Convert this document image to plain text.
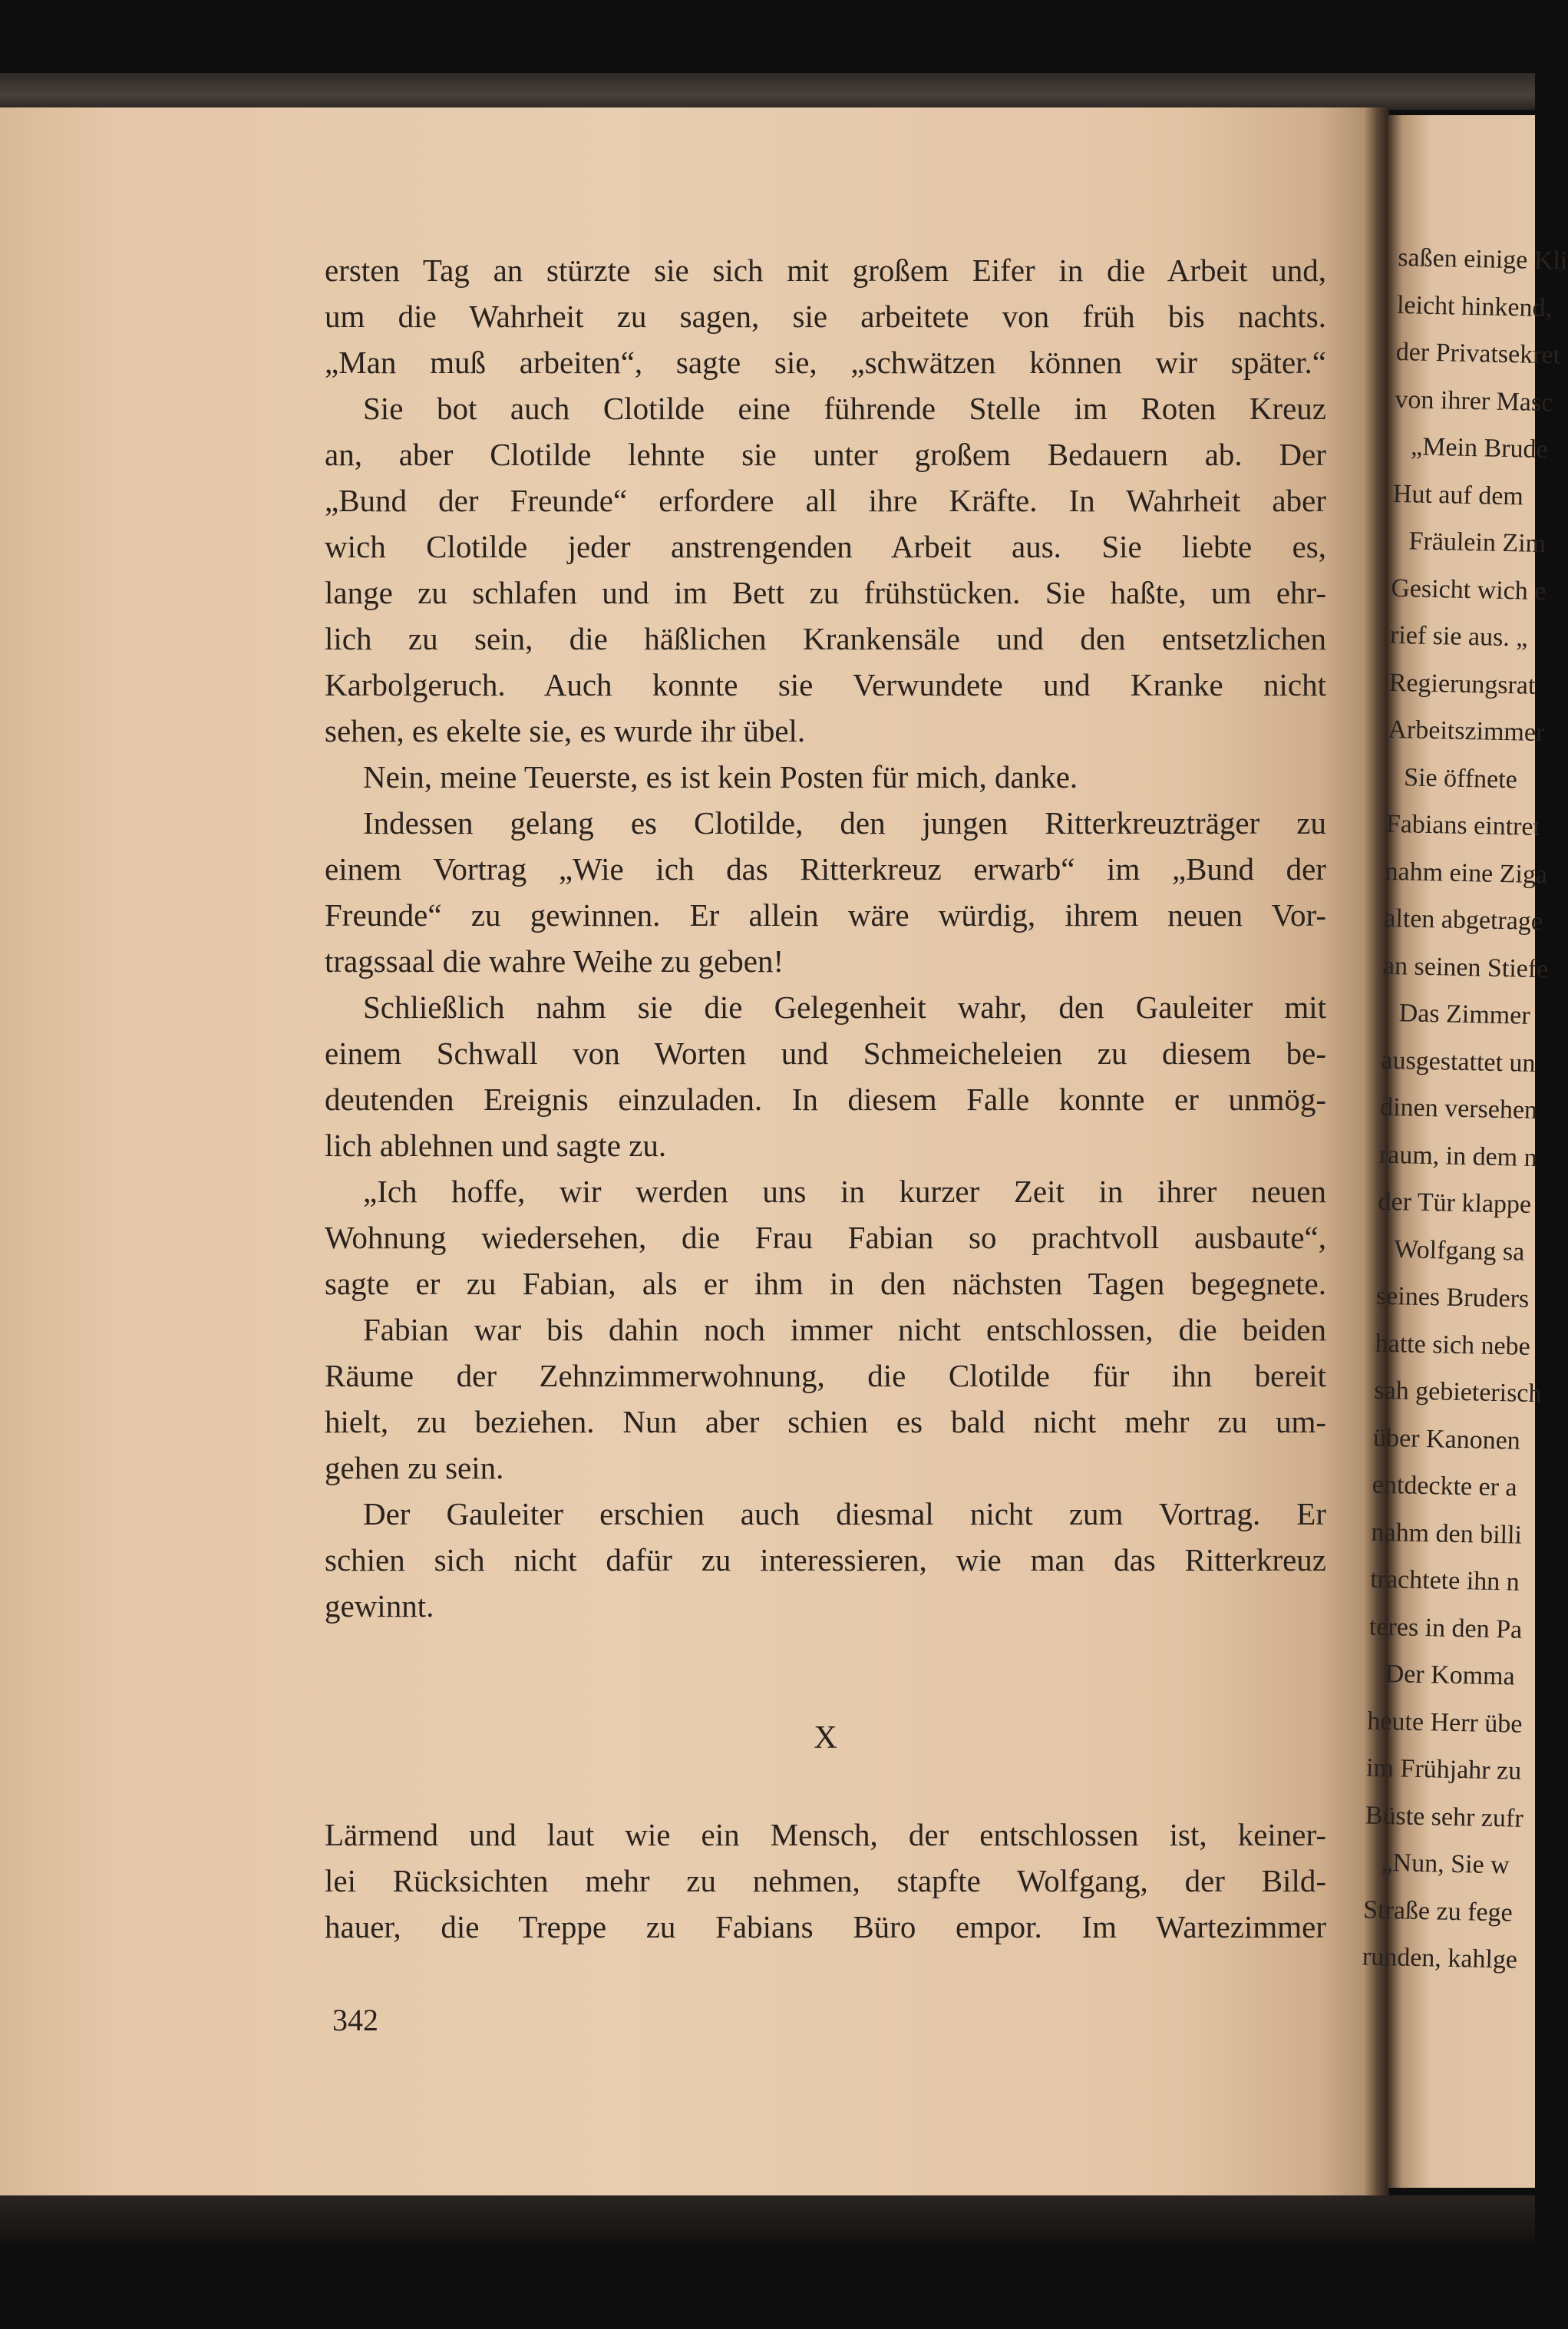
ersten Tag an stürzte sie sich mit großem Eifer in die Arbeit und,
um die Wahrheit zu sagen, sie arbeitete von früh bis nachts.
„Man muß arbeiten“, sagte sie, „schwätzen können wir später.“
Sie bot auch Clotilde eine führende Stelle im Roten Kreuz
an, aber Clotilde lehnte sie unter großem Bedauern ab. Der
„Bund der Freunde“ erfordere all ihre Kräfte. In Wahrheit aber
wich Clotilde jeder anstrengenden Arbeit aus. Sie liebte es,
lange zu schlafen und im Bett zu frühstücken. Sie haßte, um ehr-
lich zu sein, die häßlichen Krankensäle und den entsetzlichen
Karbolgeruch. Auch konnte sie Verwundete und Kranke nicht
sehen, es ekelte sie, es wurde ihr übel.
Nein, meine Teuerste, es ist kein Posten für mich, danke.
Indessen gelang es Clotilde, den jungen Ritterkreuzträger zu
einem Vortrag „Wie ich das Ritterkreuz erwarb“ im „Bund der
Freunde“ zu gewinnen. Er allein wäre würdig, ihrem neuen Vor-
tragssaal die wahre Weihe zu geben!
Schließlich nahm sie die Gelegenheit wahr, den Gauleiter mit
einem Schwall von Worten und Schmeicheleien zu diesem be-
deutenden Ereignis einzuladen. In diesem Falle konnte er unmög-
lich ablehnen und sagte zu.
„Ich hoffe, wir werden uns in kurzer Zeit in ihrer neuen
Wohnung wiedersehen, die Frau Fabian so prachtvoll ausbaute“,
sagte er zu Fabian, als er ihm in den nächsten Tagen begegnete.
Fabian war bis dahin noch immer nicht entschlossen, die beiden
Räume der Zehnzimmerwohnung, die Clotilde für ihn bereit
hielt, zu beziehen. Nun aber schien es bald nicht mehr zu um-
gehen zu sein.
Der Gauleiter erschien auch diesmal nicht zum Vortrag. Er
schien sich nicht dafür zu interessieren, wie man das Ritterkreuz
gewinnt.
X
Lärmend und laut wie ein Mensch, der entschlossen ist, keiner-
lei Rücksichten mehr zu nehmen, stapfte Wolfgang, der Bild-
hauer, die Treppe zu Fabians Büro empor. Im Wartezimmer
342
saßen einige Kli
leicht hinkend,
der Privatsekret
von ihrer Masc
„Mein Brude
Hut auf dem
Fräulein Zim
Gesicht wich e
rief sie aus. „
Regierungsrat
Arbeitszimmer
Sie öffnete
Fabians eintret
nahm eine Ziga
alten abgetrage
an seinen Stiefe
Das Zimmer
ausgestattet un
dinen versehen
raum, in dem n
der Tür klappe
Wolfgang sa
seines Bruders
hatte sich nebe
sah gebieterisch
über Kanonen
entdeckte er a
nahm den billi
trachtete ihn n
teres in den Pa
Der Komma
heute Herr übe
im Frühjahr zu
Büste sehr zufr
„Nun, Sie w
Straße zu fege
runden, kahlge
